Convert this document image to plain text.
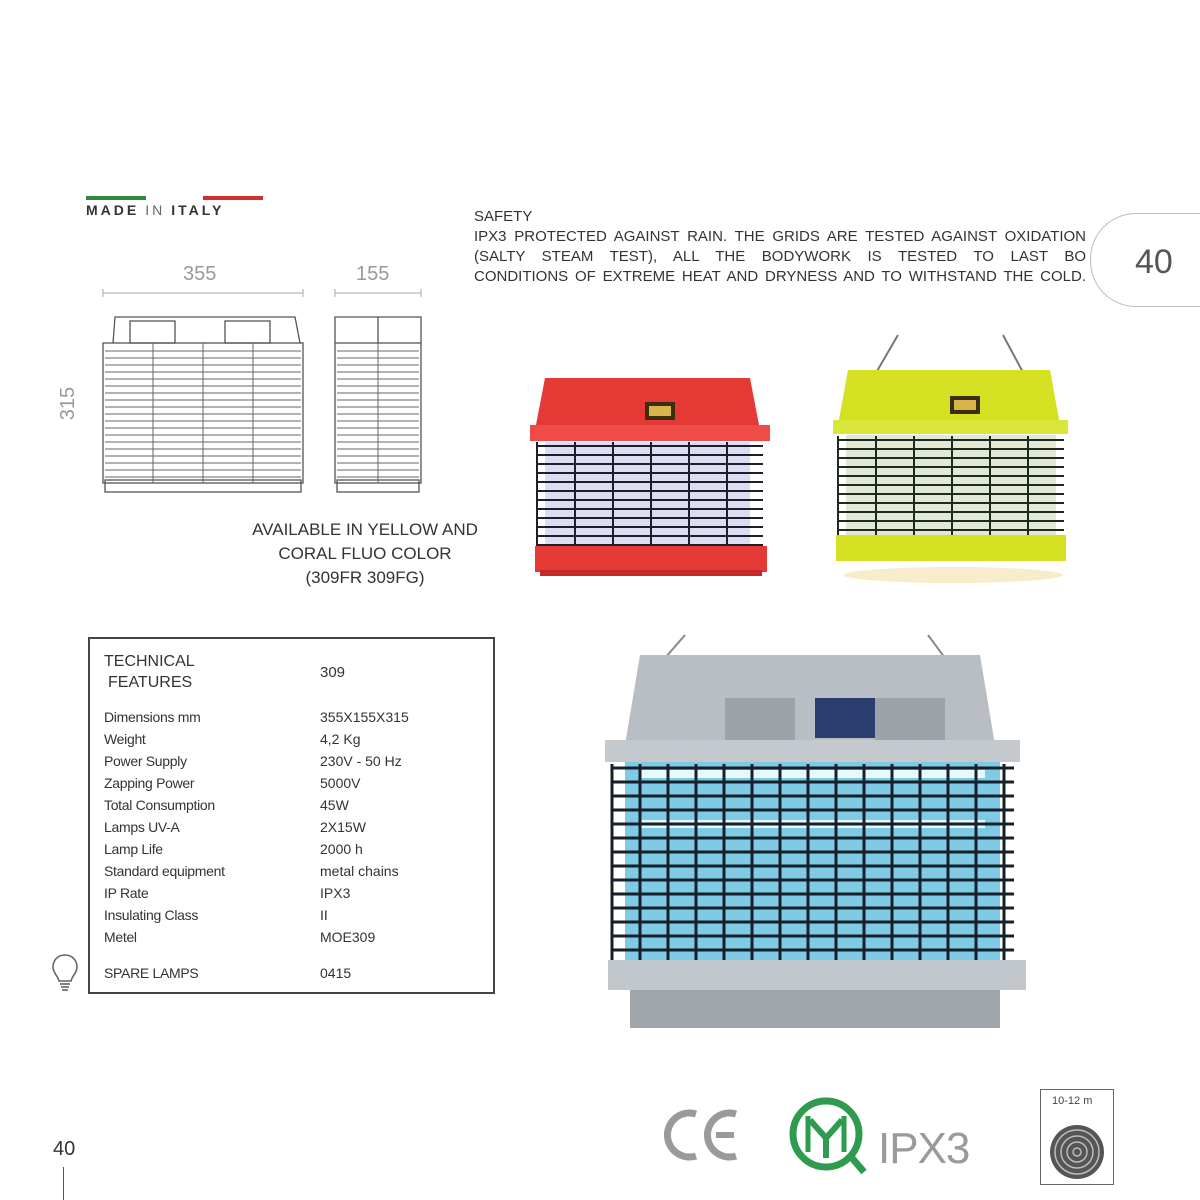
MADE IN ITALY
355	155
315
SAFETY
IPX3 PROTECTED AGAINST RAIN. THE GRIDS ARE TESTED AGAINST OXIDATION
(SALTY STEAM TEST), ALL THE BODYWORK IS TESTED TO LAST BO
CONDITIONS OF EXTREME HEAT AND DRYNESS AND TO WITHSTAND THE COLD. 40
AVAILABLE IN YELLOW AND
CORAL FLUO COLOR
(309FR 309FG)
TECHNICAL
FEATURES
309
Dimensions mm	355X155X315
Weight	4,2 Kg
Power Supply	230V - 50 Hz
Zapping Power	5000V
Total Consumption	45W
Lamps UV-A	2X15W
Lamp Life	2000 h
Standard equipment	metal chains
IP Rate	IPX3
Insulating Class	II
Metel	MOE309
SPARE LAMPS	0415
40	IPX3
10-12 m
